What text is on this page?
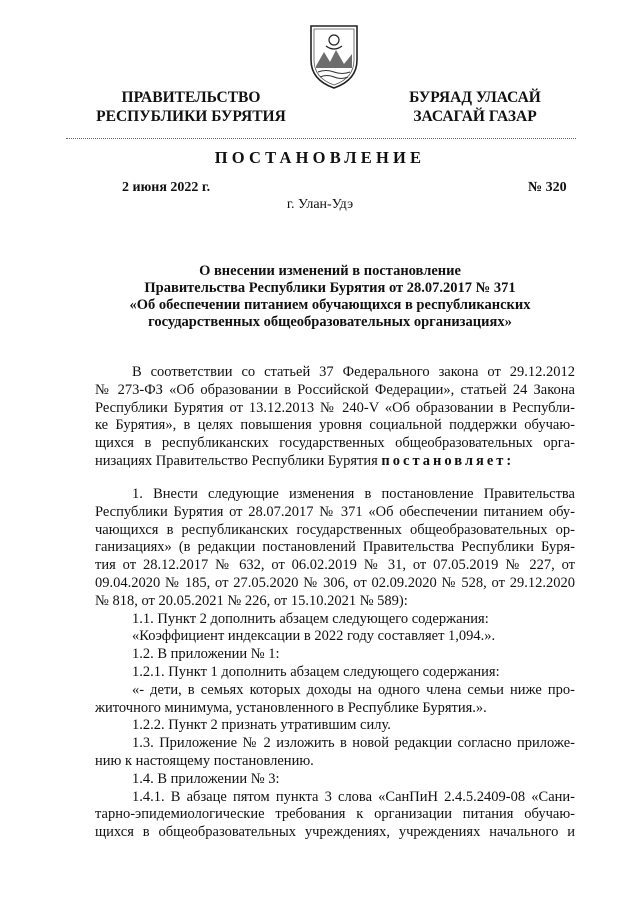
ПРАВИТЕЛЬСТВО
РЕСПУБЛИКИ БУРЯТИЯ
БУРЯАД УЛАСАЙ
ЗАСАГАЙ ГАЗАР
ПОСТАНОВЛЕНИЕ
2 июня 2022 г.	№ 320
г. Улан-Удэ
О внесении изменений в постановление
Правительства Республики Бурятия от 28.07.2017 № 371
«Об обеспечении питанием обучающихся в республиканских
государственных общеобразовательных организациях»
В соответствии со статьей 37 Федерального закона от 29.12.2012
№ 273-ФЗ «Об образовании в Российской Федерации», статьей 24 Закона
Республики Бурятия от 13.12.2013 № 240-V «Об образовании в Республи-
ке Бурятия», в целях повышения уровня социальной поддержки обучаю-
щихся в республиканских государственных общеобразовательных орга-
низациях Правительство Республики Бурятия постановляет:
1. Внести следующие изменения в постановление Правительства
Республики Бурятия от 28.07.2017 № 371 «Об обеспечении питанием обу-
чающихся в республиканских государственных общеобразовательных ор-
ганизациях» (в редакции постановлений Правительства Республики Буря-
тия от 28.12.2017 № 632, от 06.02.2019 № 31, от 07.05.2019 № 227, от
09.04.2020 № 185, от 27.05.2020 № 306, от 02.09.2020 № 528, от 29.12.2020
№ 818, от 20.05.2021 № 226, от 15.10.2021 № 589):
1.1. Пункт 2 дополнить абзацем следующего содержания:
«Коэффициент индексации в 2022 году составляет 1,094.».
1.2. В приложении № 1:
1.2.1. Пункт 1 дополнить абзацем следующего содержания:
«- дети, в семьях которых доходы на одного члена семьи ниже про-
житочного минимума, установленного в Республике Бурятия.».
1.2.2. Пункт 2 признать утратившим силу.
1.3. Приложение № 2 изложить в новой редакции согласно приложе-
нию к настоящему постановлению.
1.4. В приложении № 3:
1.4.1. В абзаце пятом пункта 3 слова «СанПиН 2.4.5.2409-08 «Сани-
тарно-эпидемиологические требования к организации питания обучаю-
щихся в общеобразовательных учреждениях, учреждениях начального и
